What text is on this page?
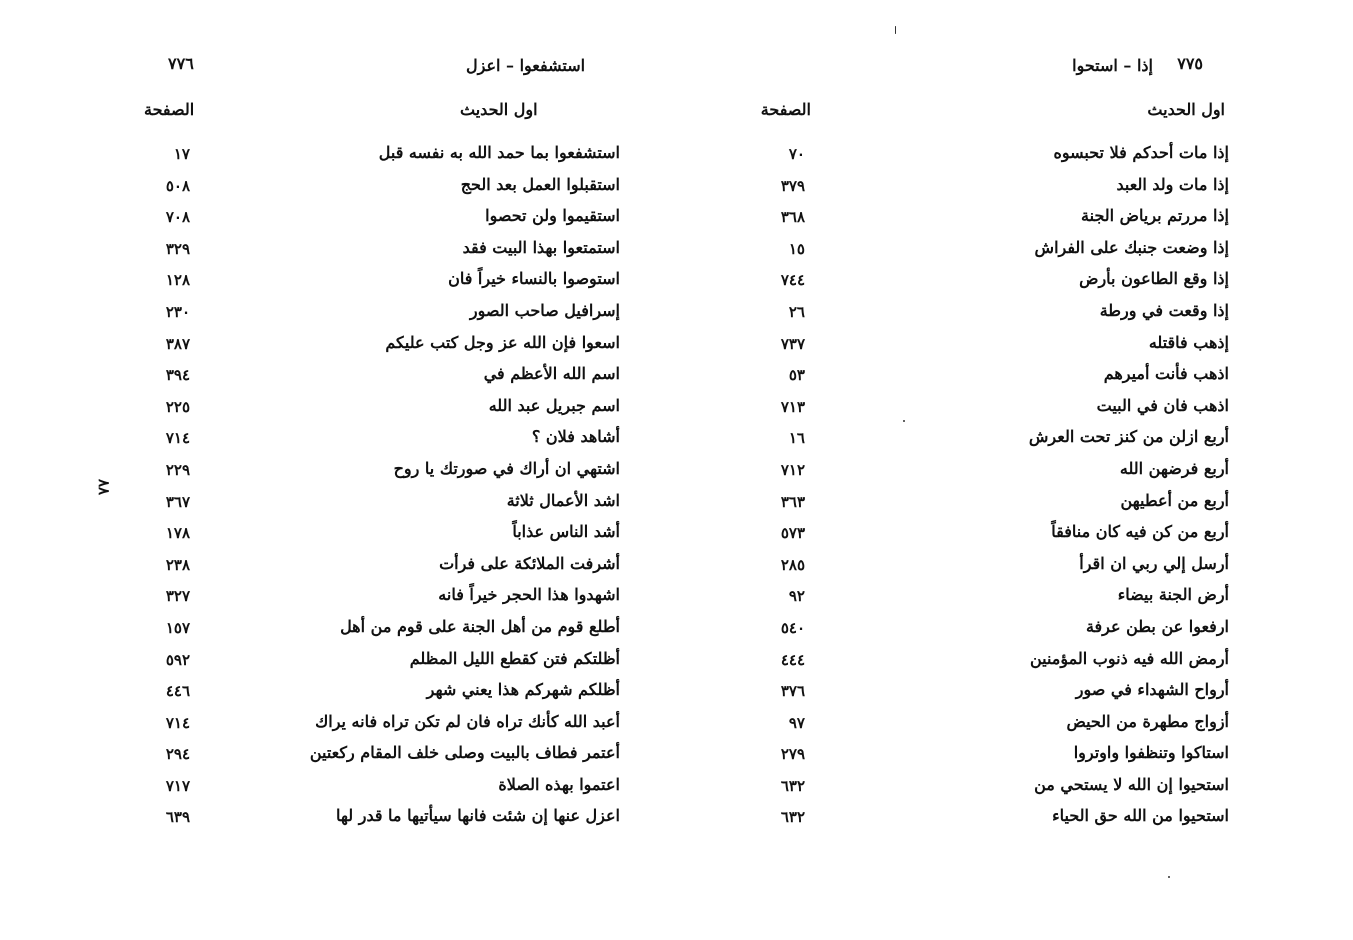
٧٧٥
إذا – استحوا
اول الحديث
الصفحة
إذا مات أحدكم فلا تحبسوه
٧٠
إذا مات ولد العبد
٣٧٩
إذا مررتم برياض الجنة
٣٦٨
إذا وضعت جنبك على الفراش
١٥
إذا وقع الطاعون بأرض
٧٤٤
إذا وقعت في ورطة
٢٦
إذهب فاقتله
٧٣٧
اذهب فأنت أميرهم
٥٣
اذهب فان في البيت
٧١٣
أربع ازلن من كنز تحت العرش
١٦
أربع فرضهن الله
٧١٢
أربع من أعطيهن
٣٦٣
أربع من كن فيه كان منافقاً
٥٧٣
أرسل إلي ربي ان اقرأ
٢٨٥
أرض الجنة بيضاء
٩٢
ارفعوا عن بطن عرفة
٥٤٠
أرمض الله فيه ذنوب المؤمنين
٤٤٤
أرواح الشهداء في صور
٣٧٦
أزواج مطهرة من الحيض
٩٧
استاكوا وتنظفوا واوتروا
٢٧٩
استحيوا إن الله لا يستحي من
٦٣٢
استحيوا من الله حق الحياء
٦٣٢
٧٧٦	استشفعوا – اعزل
اول الحديث
الصفحة
استشفعوا بما حمد الله به نفسه قبل
١٧
استقبلوا العمل بعد الحج
٥٠٨
استقيموا ولن تحصوا
٧٠٨
استمتعوا بهذا البيت فقد
٣٢٩
استوصوا بالنساء خيراً فان
١٢٨
إسرافيل صاحب الصور
٢٣٠
اسعوا فإن الله عز وجل كتب عليكم
٣٨٧
اسم الله الأعظم في
٣٩٤
اسم جبريل عبد الله
٢٢٥
أشاهد فلان ؟
٧١٤
اشتهي ان أراك في صورتك يا روح
٢٢٩
اشد الأعمال ثلاثة
٣٦٧
أشد الناس عذاباً
١٧٨
أشرفت الملائكة على فرأت
٢٣٨
اشهدوا هذا الحجر خيراً فانه
٣٢٧
أطلع قوم من أهل الجنة على قوم من أهل
١٥٧
أظلتكم فتن كقطع الليل المظلم
٥٩٢
أظلكم شهركم هذا يعني شهر
٤٤٦
أعبد الله كأنك تراه فان لم تكن تراه فانه يراك
٧١٤
أعتمر فطاف بالبيت وصلى خلف المقام ركعتين
٢٩٤
اعتموا بهذه الصلاة
٧١٧
اعزل عنها إن شئت فانها سيأتيها ما قدر لها
٦٣٩
٨٨
